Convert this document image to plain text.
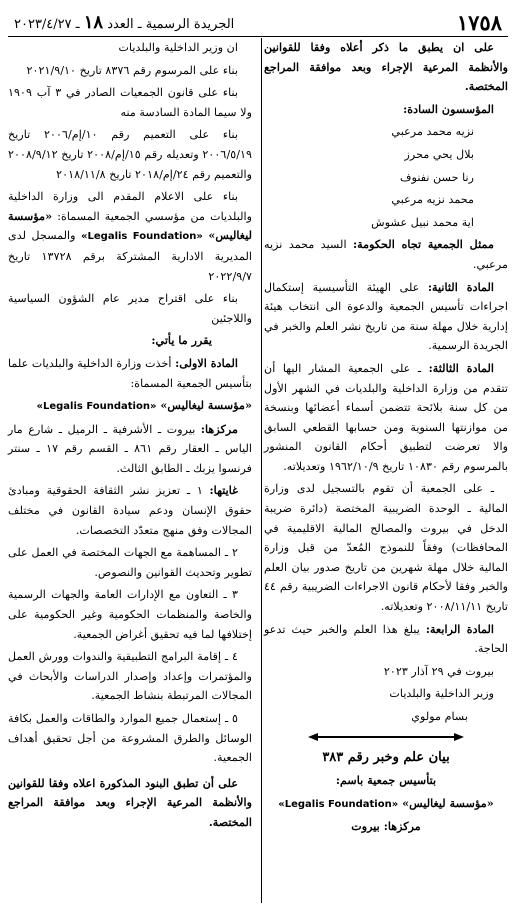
١٧٥٨
الجريدة الرسمية ـ العدد ١٨ ـ ٢٠٢٣/٤/٢٧

على ان يطبق ما ذكر أعلاه وفقا للقوانين والأنظمة المرعية الإجراء وبعد موافقة المراجع المختصة.

المؤسسون السادة:

نزيه محمد مرعبي

بلال يحي محرز

رنا حسن نفنوف

محمد نزيه مرعبي

اية محمد نبيل عشوش

ممثل الجمعية تجاه الحكومة: السيد محمد نزيه مرعبي.

المادة الثانية: على الهيئة التأسيسية إستكمال اجراءات تأسيس الجمعية والدعوة الى انتخاب هيئة إدارية خلال مهلة سنة من تاريخ نشر العلم والخبر في الجريدة الرسمية.

المادة الثالثة: ـ على الجمعية المشار اليها أن تتقدم من وزارة الداخلية والبلديات في الشهر الأول من كل سنة بلائحة تتضمن أسماء أعضائها وبنسخة من موازنتها السنوية ومن حسابها القطعي السابق والا تعرضت لتطبيق أحكام القانون المنشور بالمرسوم رقم ١٠٨٣٠ تاريخ ١٩٦٢/١٠/٩ وتعديلاته.

ـ على الجمعية أن تقوم بالتسجيل لدى وزارة المالية ـ الوحدة الضريبية المختصة (دائرة ضريبة الدخل في بيروت والمصالح المالية الاقليمية في المحافظات) وفقاً للنموذج المُعدّ من قبل وزارة المالية خلال مهلة شهرين من تاريخ صدور بيان العلم والخبر وفقا لأحكام قانون الاجراءات الضريبية رقم ٤٤ تاريخ ٢٠٠٨/١١/١١ وتعديلاته.

المادة الرابعة: يبلغ هذا العلم والخبر حيث تدعو الحاجة.

بيروت في ٢٩ آذار ٢٠٢٣

وزير الداخلية والبلديات

بسام مولوي

بيان علم وخبر رقم ٣٨٣

بتأسيس جمعية باسم:

«مؤسسة ليغاليس» «Legalis Foundation»

مركزها: بيروت

ان وزير الداخلية والبلديات

بناء على المرسوم رقم ٨٣٧٦ تاريخ ٢٠٢١/٩/١٠

بناء على قانون الجمعيات الصادر في ٣ آب ١٩٠٩ ولا سيما المادة السادسة منه

بناء على التعميم رقم ١٠/إم/٢٠٠٦ تاريخ ٢٠٠٦/٥/١٩ وتعديله رقم ١٥/إم/٢٠٠٨ تاريخ ٢٠٠٨/٩/١٢ والتعميم رقم ٢٤/إم/٢٠١٨ تاريخ ٢٠١٨/١١/٨

بناء على الاعلام المقدم الى وزارة الداخلية والبلديات من مؤسسي الجمعية المسماة: «مؤسسة ليغاليس» «Legalis Foundation» والمسجل لدى المديرية الادارية المشتركة برقم ١٣٧٢٨ تاريخ ٢٠٢٢/٩/٧

بناء على اقتراح مدير عام الشؤون السياسية واللاجئين

يقرر ما يأتي:

المادة الاولى: أخذت وزارة الداخلية والبلديات علما بتأسيس الجمعية المسماة:

«مؤسسة ليغاليس» «Legalis Foundation»

مركزها: بيروت ـ الأشرفية ـ الرميل ـ شارع مار الياس ـ العقار رقم ٨٦١ ـ القسم رقم ١٧ ـ سنتر فرنسوا يزبك ـ الطابق الثالث.

غايتها: ١ ـ تعزيز نشر الثقافة الحقوقية ومبادئ حقوق الإنسان ودعم سيادة القانون في مختلف المجالات وفق منهج متعدّد التخصصات.

٢ ـ المساهمة مع الجهات المختصة في العمل على تطوير وتحديث القوانين والنصوص.

٣ ـ التعاون مع الإدارات العامة والجهات الرسمية والخاصة والمنظمات الحكومية وغير الحكومية على إختلافها لما فيه تحقيق أغراض الجمعية.

٤ ـ إقامة البرامج التطبيقية والندوات وورش العمل والمؤتمرات وإعداد وإصدار الدراسات والأبحاث في المجالات المرتبطة بنشاط الجمعية.

٥ ـ إستعمال جميع الموارد والطاقات والعمل بكافة الوسائل والطرق المشروعة من أجل تحقيق أهداف الجمعية.

على أن تطبق البنود المذكورة اعلاه وفقا للقوانين والأنظمة المرعية الإجراء وبعد موافقة المراجع المختصة.
